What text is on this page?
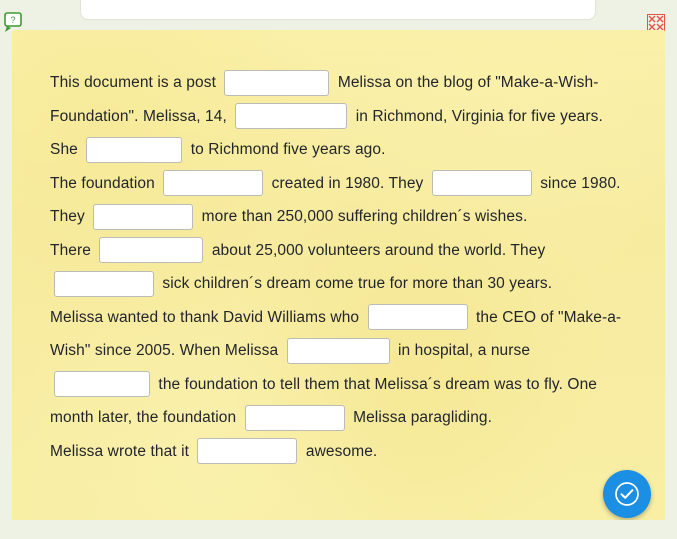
?
This document is a post	Melissa on the blog of "Make-a-Wish-Foundation". Melissa, 14,	in Richmond, Virginia for five years. She	to Richmond five years ago.
The foundation	created in 1980. They	since 1980. They	more than 250,000 suffering children´s wishes.
There	about 25,000 volunteers around the world. They  sick children´s dream come true for more than 30 years.
Melissa wanted to thank David Williams who	the CEO of "Make-a-Wish" since 2005. When Melissa	in hospital, a nurse  the foundation to tell them that Melissa´s dream was to fly. One month later, the foundation	Melissa paragliding.
Melissa wrote that it	awesome.
